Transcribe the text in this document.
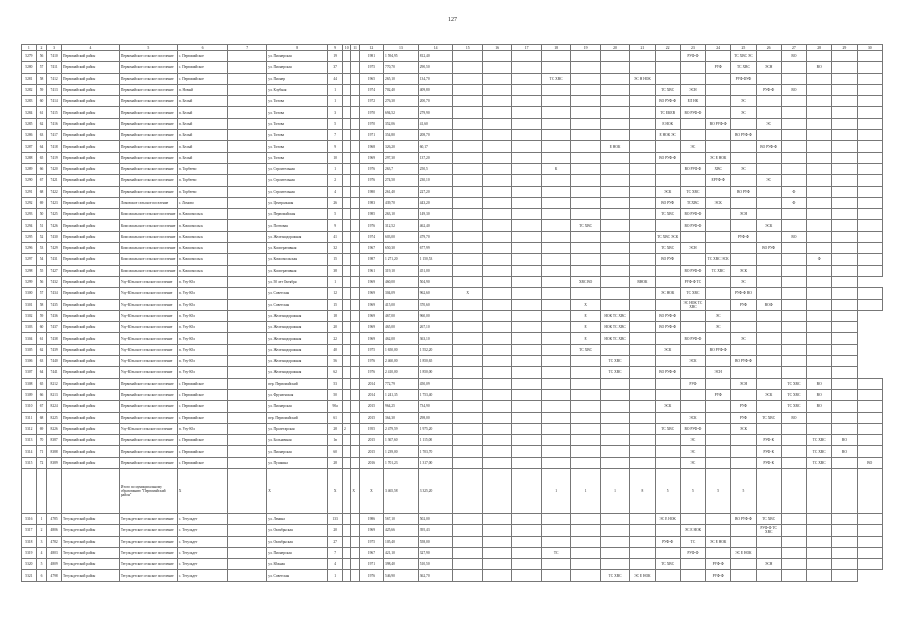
127
1	2	3	4	5	6	7	8	9	10	11	12	13	14	15	16	17	18	19	20	21	22	23	24	25	26	27	28	29	30
5279	56	7410	Первомайский район	Первомайское сельское поселение	с. Первомайское		ул. Пионерская	19			1981	1 594,95	812,40									РУФ-Ф		ТС ХВС ЭС		ВО			
5280	57	7411	Первомайский район	Первомайское сельское поселение	с. Первомайское		ул. Пионерская	37			1975	770,70	290,50										РУФ	ТС ХВС	ЭСН		ВО		
5281	58	7412	Первомайский район	Первомайское сельское поселение	с. Первомайское		ул. Пионер	44			1965	265,10	134,70				ТС ХВС			ЭС Н НОК				РУФ ФУФ					
5282	59	7413	Первомайский район	Первомайское сельское поселение	п. Новый		ул. Клубная	1			1974	702,40	409,80								ТС ХВС	ЭСН			РУФ-Ф	ВО			
5283	60	7414	Первомайский район	Первомайское сельское поселение	п. Белый		ул. Титова	1			1972	276,30	200,70								ВО РУФ-Ф	ЕЛ НК		ЭС					
5284	61	7415	Первомайский район	Первомайское сельское поселение	п. Белый		ул. Титова	3			1970	694,52	279,90								ТС ЕКЕВ	ВО РУФ-Ф		ЭС					
5285	62	7416	Первомайский район	Первомайское сельское поселение	п. Белый		ул. Титова	5			1970	352,06	41,60								Е НОК		ВО РУФ-Ф		ЭС				
5286	63	7417	Первомайский район	Первомайское сельское поселение	п. Белый		ул. Титова	7			1971	354,80	208,70								Е НОК ЭС			ВО РУФ-Ф					
5287	64	7418	Первомайский район	Первомайское сельское поселение	п. Белый		ул. Титова	9			1968	326,20	60,17						Е НОК			ЭС			ВО РУФ-Ф				
5288	65	7419	Первомайский район	Первомайское сельское поселение	п. Белый		ул. Титова	10			1969	297,30	137,20								ВО РУФ-Ф		ЭС Е НОК						
5289	66	7420	Первомайский район	Первомайское сельское поселение	п. Торбеево		ул. Строительная	1			1976	263,7	250,5				К					ВО РУФ Ф	ХВС	ЭС					
5290	67	7421	Первомайский район	Первомайское сельское поселение	п. Торбеево		ул. Строительная	2			1976	274,50	230,10										ЕРУФ-Ф		ЭС				
5291	68	7422	Первомайский район	Первомайское сельское поселение	п. Торбеево		ул. Строительная	4			1980	261,40	227,20								ЭСК	ТС ХВС		ВО РУФ		Ф			
5292	69	7423	Первомайский район	Ломовское сельское поселение	с. Ломово		ул. Центральная	26			1983	439,70	443,20								ВО РУФ	ТСХВС	ЭСК			Ф			
5293	50	7425	Первомайский район	Комсомольское сельское поселение	п. Комсомольск		ул. Первомайская	5			1985	263,10	149,30								ТС ХВС	ВО РУФ-Ф		ЭСН					
5294	51	7426	Первомайский район	Комсомольское сельское поселение	п. Комсомольск		ул. Почтовая	9			1976	312,52	462,40					ТС ХВС				ВО РУФ-Ф			ЭСК				
5295	52	7430	Первомайский район	Комсомольское сельское поселение	п. Комсомольск		ул. Железнодорожная	41			1974	603,00	479,70								ТС ХВС ЭСК			РУФ-Ф		ВО			
5296	53	7429	Первомайский район	Комсомольское сельское поселение	п. Комсомольск		ул. Кооперативная	32			1967	650,30	677,99								ТС ХВС	ЭСН			ВО РУФ				
5297	54	7431	Первомайский район	Комсомольское сельское поселение	п. Комсомольск		ул. Комсомольская	15			1987	1 271,20	1 150,53								ВО РУФ		ТС ХВС ЭСК				Ф		
5298	55	7427	Первомайский район	Комсомольское сельское поселение	п. Комсомольск		ул. Кооперативная	38			1961	319,10	451,00									ВО РУФ-Ф	ТС ХВС	ЭСК					
5299	56	7432	Первомайский район	Улу-Юльское сельское поселение	п. Улу-Юл		ул. 50 лет Октября	1			1969	460,00	504,90					ХВС ВО		ВНОК		РУФ-Ф ТС		ЭС					
5300	57	7434	Первомайский район	Улу-Юльское сельское поселение	п. Улу-Юл		ул. Советская	12			1969	304,09	962,60	Х							ЭС НОК	ТС ХВС		РУФ-Ф ВО					
5301	58	7435	Первомайский район	Улу-Юльское сельское поселение	п. Улу-Юл		ул. Советская	15			1969	415,00	370,60					Х				ЭС НОК ТС ХВС		РУФ	ВОФ				
5302	59	7436	Первомайский район	Улу-Юльское сельское поселение	п. Улу-Юл		ул. Железнодорожная	18			1969	467,00	960,00					Е	НОК ТС ХВС		ВО РУФ-Ф		ЭС						
5303	60	7437	Первомайский район	Улу-Юльское сельское поселение	п. Улу-Юл		ул. Железнодорожная	20			1969	465,00	267,10					Е	НОК ТС ХВС		ВО РУФ-Ф		ЭС						
5304	61	7438	Первомайский район	Улу-Юльское сельское поселение	п. Улу-Юл		ул. Железнодорожная	22			1969	462,00	363,10					Е	НОК ТС ХВС			ВО РУФ-Ф		ЭС					
5305	62	7439	Первомайский район	Улу-Юльское сельское поселение	п. Улу-Юл		ул. Железнодорожная	40			1975	1 650,00	1 552,20					ТС ХВС			ЭСК		ВО РУФ-Ф						
5306	63	7440	Первомайский район	Улу-Юльское сельское поселение	п. Улу-Юл		ул. Железнодорожная	56			1976	2 460,00	1 850,65						ТС ХВС			ЭСК		ВО РУФ-Ф					
5307	64	7441	Первомайский район	Улу-Юльское сельское поселение	п. Улу-Юл		ул. Железнодорожная	62			1976	2 410,00	1 850,00						ТС ХВС		ВО РУФ-Ф		ЭСН						
5308	65	8212	Первомайский район	Первомайское сельское поселение	с. Первомайское		пер. Первомайский	53			2014	772,79	450,09									РУФ		ЭСН		ТС ХВС	ВО		
5309	66	8213	Первомайский район	Первомайское сельское поселение	с. Первомайское		ул. Фрунзенская	50			2014	1 241,35	1 753,40										РУФ		ЭСК	ТС ХВС	ВО		
5310	67	8224	Первомайский район	Первомайское сельское поселение	с. Первомайское		ул. Пионерская	90а			2015	964,25	734,90								ЭСК			РУФ		ТС ХВС	ВО		
5311	68	8225	Первомайский район	Первомайское сельское поселение	с. Первомайское		пер. Первомайский	61			2015	364,30	298,00									ЭСК		РУФ	ТС ХВС	ВО			
5312	69	8226	Первомайский район	Улу-Юльское сельское поселение	п. Улу-Юл		ул. Пролетарская	28	2		1955	2 479,59	1 975,20								ТС ХВС	ВО РУФ-Ф		ЭСК					
5313	70	8387	Первомайский район	Первомайское сельское поселение	с. Первомайское		ул. Больничная	1в			2015	1 367,60	1 115,00									ЭС			РУФ-К		ТС ХВС	ВО	
5314	71	8388	Первомайский район	Первомайское сельское поселение	с. Первомайское		ул. Пионерская	60			2015	1 239,00	1 703,70									ЭС			РУФ-К		ТС ХВС	ВО	
5315	72	8389	Первомайский район	Первомайское сельское поселение	с. Первомайское		ул. Пушкина	28			2016	1 701,23	1 317,00									ЭС			РУФ-К		ТС ХВС		ВО
				Итого по муниципальному образованию "Первомайский район"	Х		Х	Х		Х	Х	3 465,58	3 325,20				1	1	1	8	5	5	5	5					
5316	1	4785	Тегульдетский район	Тегульдетское сельское поселение	с. Тегульдет		ул. Ленина	133			1986	567,10	502,00								ЭС Е НОК			ВО РУФ-Ф	ТС ХВС				
5317	2	4806	Тегульдетский район	Тегульдетское сельское поселение	с. Тегульдет		ул. Октябрьская	20			1969	425,66	395,43									ЭС Е НОК			РУФ-Ф ТС ХВС				
5318	3	4782	Тегульдетский район	Тегульдетское сельское поселение	с. Тегульдет		ул. Октябрьская	27			1975	105,40	558,00								РУФ-Ф	ТС	ЭС Е НОК						
5319	4	4803	Тегульдетский район	Тегульдетское сельское поселение	с. Тегульдет		ул. Пионерская	7			1967	421,10	327,90				ТС					РУФ-Ф		ЭС Е НОК					
5320	5	4809	Тегульдетский район	Тегульдетское сельское поселение	с. Тегульдет		ул. Южная	4			1971	398,40	510,50								ТС ХВС		РУФ-Ф		ЭСН				
5321	6	4798	Тегульдетский район	Тегульдетское сельское поселение	с. Тегульдет		ул. Советская	1			1976	546,90	362,70						ТС ХВС	ЭС Е НОК			РУФ-Ф						
